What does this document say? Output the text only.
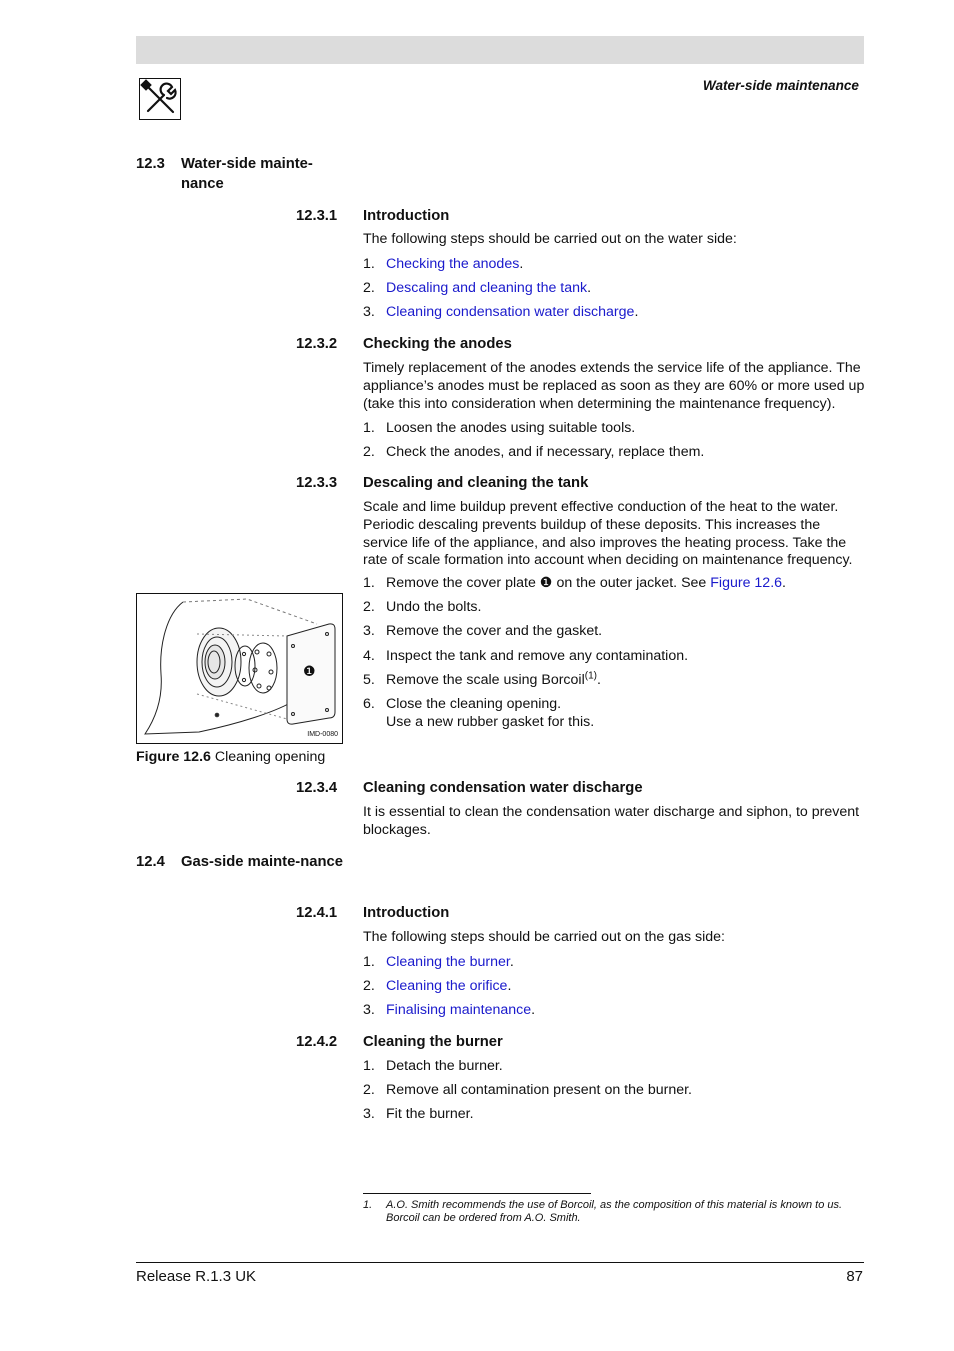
Water-side maintenance
12.3 Water-side mainte-nance
12.3.1 Introduction
The following steps should be carried out on the water side:
1. Checking the anodes.
2. Descaling and cleaning the tank.
3. Cleaning condensation water discharge.
12.3.2 Checking the anodes
Timely replacement of the anodes extends the service life of the appliance. The
appliance’s anodes must be replaced as soon as they are 60% or more used up
(take this into consideration when determining the maintenance frequency).
1. Loosen the anodes using suitable tools.
2. Check the anodes, and if necessary, replace them.
12.3.3 Descaling and cleaning the tank
Scale and lime buildup prevent effective conduction of the heat to the water.
Periodic descaling prevents buildup of these deposits. This increases the
service life of the appliance, and also improves the heating process. Take the
rate of scale formation into account when deciding on maintenance frequency.
1. Remove the cover plate ❶ on the outer jacket. See Figure 12.6.
2. Undo the bolts.
3. Remove the cover and the gasket.
4. Inspect the tank and remove any contamination.
5. Remove the scale using Borcoil$^{(1)}$.
6. Close the cleaning opening.
Use a new rubber gasket for this.
❶
IMD-0080
Figure 12.6 Cleaning opening
12.3.4 Cleaning condensation water discharge
It is essential to clean the condensation water discharge and siphon, to prevent
blockages.
12.4 Gas-side mainte-nance
12.4.1 Introduction
The following steps should be carried out on the gas side:
1. Cleaning the burner.
2. Cleaning the orifice.
3. Finalising maintenance.
12.4.2 Cleaning the burner
1. Detach the burner.
2. Remove all contamination present on the burner.
3. Fit the burner.
1. A.O. Smith recommends the use of Borcoil, as the composition of this material is known to us.
Borcoil can be ordered from A.O. Smith.
Release R.1.3 UK	87
